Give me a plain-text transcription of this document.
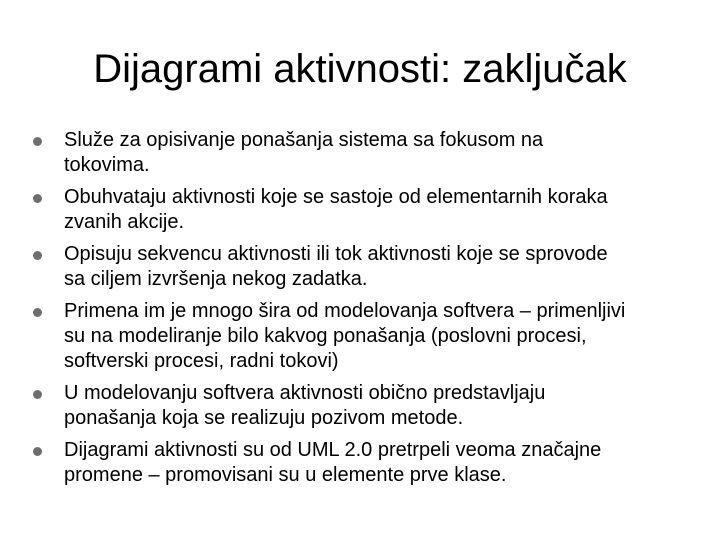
Dijagrami aktivnosti: zaključak
Služe za opisivanje ponašanja sistema sa fokusom na
tokovima.
Obuhvataju aktivnosti koje se sastoje od elementarnih koraka
zvanih akcije.
Opisuju sekvencu aktivnosti ili tok aktivnosti koje se sprovode
sa ciljem izvršenja nekog zadatka.
Primena im je mnogo šira od modelovanja softvera – primenljivi
su na modeliranje bilo kakvog ponašanja (poslovni procesi,
softverski procesi, radni tokovi)
U modelovanju softvera aktivnosti obično predstavljaju
ponašanja koja se realizuju pozivom metode.
Dijagrami aktivnosti su od UML 2.0 pretrpeli veoma značajne
promene – promovisani su u elemente prve klase.
